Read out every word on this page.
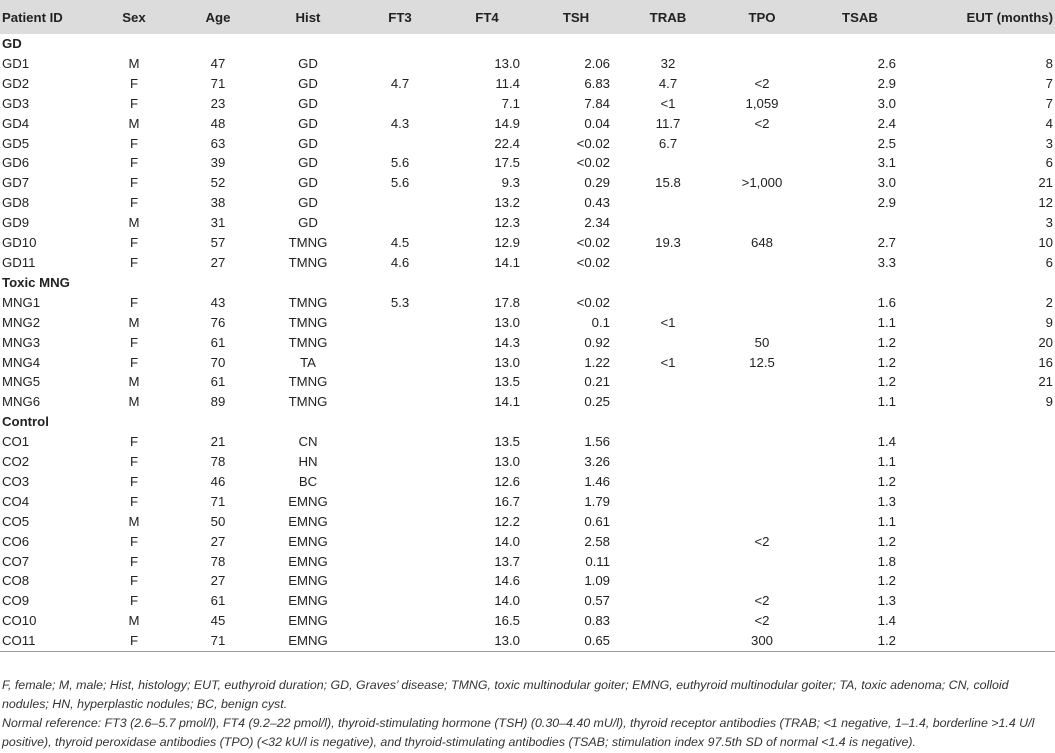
Patient ID	Sex	Age	Hist	FT3	FT4	TSH	TRAB	TPO	TSAB	EUT (months)
GD										
GD1	M	47	GD		13.0	2.06	32		2.6	8
GD2	F	71	GD	4.7	11.4	6.83	4.7	<2	2.9	7
GD3	F	23	GD		7.1	7.84	<1	1,059	3.0	7
GD4	M	48	GD	4.3	14.9	0.04	11.7	<2	2.4	4
GD5	F	63	GD		22.4	<0.02	6.7		2.5	3
GD6	F	39	GD	5.6	17.5	<0.02			3.1	6
GD7	F	52	GD	5.6	9.3	0.29	15.8	>1,000	3.0	21
GD8	F	38	GD		13.2	0.43			2.9	12
GD9	M	31	GD		12.3	2.34				3
GD10	F	57	TMNG	4.5	12.9	<0.02	19.3	648	2.7	10
GD11	F	27	TMNG	4.6	14.1	<0.02			3.3	6
Toxic MNG										
MNG1	F	43	TMNG	5.3	17.8	<0.02			1.6	2
MNG2	M	76	TMNG		13.0	0.1	<1		1.1	9
MNG3	F	61	TMNG		14.3	0.92		50	1.2	20
MNG4	F	70	TA		13.0	1.22	<1	12.5	1.2	16
MNG5	M	61	TMNG		13.5	0.21			1.2	21
MNG6	M	89	TMNG		14.1	0.25			1.1	9
Control										
CO1	F	21	CN		13.5	1.56			1.4	
CO2	F	78	HN		13.0	3.26			1.1	
CO3	F	46	BC		12.6	1.46			1.2	
CO4	F	71	EMNG		16.7	1.79			1.3	
CO5	M	50	EMNG		12.2	0.61			1.1	
CO6	F	27	EMNG		14.0	2.58		<2	1.2	
CO7	F	78	EMNG		13.7	0.11			1.8	
CO8	F	27	EMNG		14.6	1.09			1.2	
CO9	F	61	EMNG		14.0	0.57		<2	1.3	
CO10	M	45	EMNG		16.5	0.83		<2	1.4	
CO11	F	71	EMNG		13.0	0.65		300	1.2	

F, female; M, male; Hist, histology; EUT, euthyroid duration; GD, Graves’ disease; TMNG, toxic multinodular goiter; EMNG, euthyroid multinodular goiter; TA, toxic adenoma; CN, colloid nodules; HN, hyperplastic nodules; BC, benign cyst.

Normal reference: FT3 (2.6–5.7 pmol/l), FT4 (9.2–22 pmol/l), thyroid-stimulating hormone (TSH) (0.30–4.40 mU/l), thyroid receptor antibodies (TRAB; <1 negative, 1–1.4, borderline >1.4 U/l positive), thyroid peroxidase antibodies (TPO) (<32 kU/l is negative), and thyroid-stimulating antibodies (TSAB; stimulation index 97.5th SD of normal <1.4 is negative).
